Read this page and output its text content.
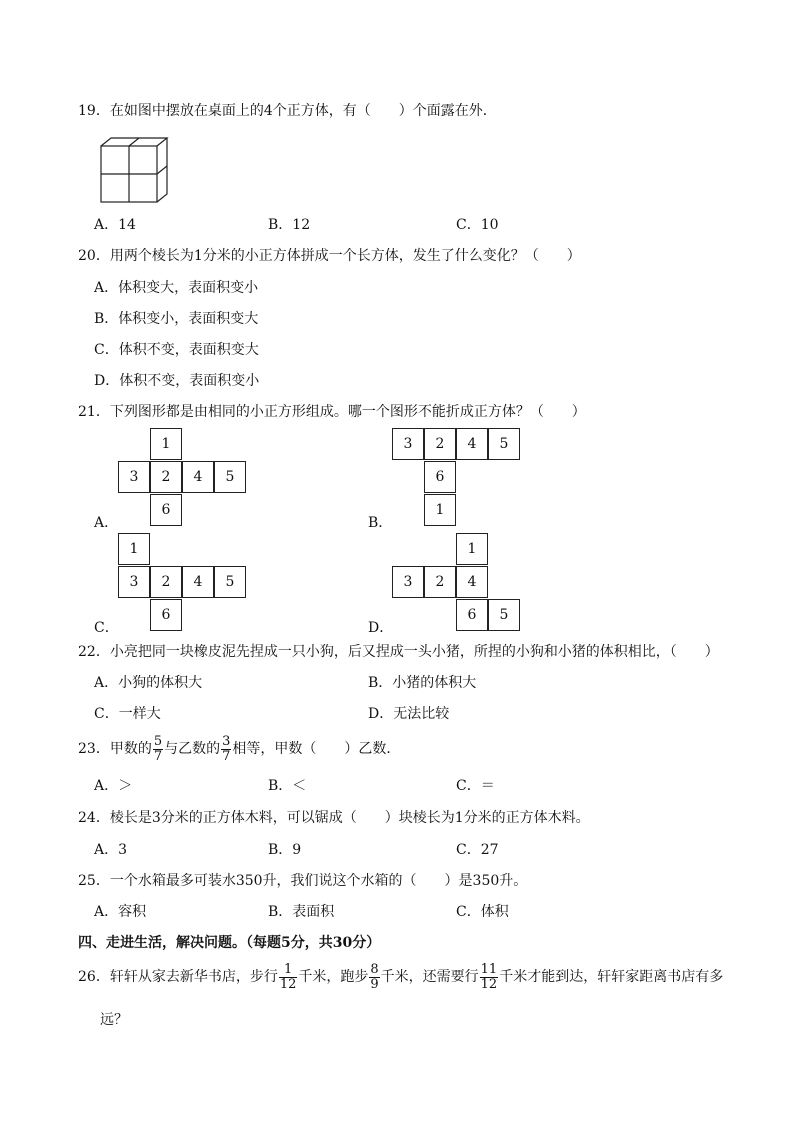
19．在如图中摆放在桌面上的4个正方体，有（　　）个面露在外．
A．14	B．12	C．10
20．用两个棱长为1分米的小正方体拼成一个长方体，发生了什么变化？（　　）
A．体积变大，表面积变小
B．体积变小，表面积变大
C．体积不变，表面积变大
D．体积不变，表面积变小
21．下列图形都是由相同的小正方形组成。哪一个图形不能折成正方体？（　　）
1
3	2	4	5
6
A．
3	2	4	5
6
1
B．
1
3	2	4	5
6
C．
1
3	2	4
6	5
D．
22．小亮把同一块橡皮泥先捏成一只小狗，后又捏成一头小猪，所捏的小狗和小猪的体积相比，（　　）
A．小狗的体积大	B．小猪的体积大
C．一样大	D．无法比较
23．甲数的 $\frac{5}{7}$ 与乙数的 $\frac{3}{7}$ 相等，甲数（　　）乙数．
A．＞	B．＜	C．＝
24．棱长是3分米的正方体木料，可以锯成（　　）块棱长为1分米的正方体木料。
A．3	B．9	C．27
25．一个水箱最多可装水350升，我们说这个水箱的（　　）是350升。
A．容积	B．表面积	C．体积
四、走进生活，解决问题。（每题5分，共30分）
26．轩轩从家去新华书店，步行 $\frac{1}{12}$ 千米，跑步 $\frac{8}{9}$ 千米，还需要行 $\frac{11}{12}$ 千米才能到达，轩轩家距离书店有多
远？
